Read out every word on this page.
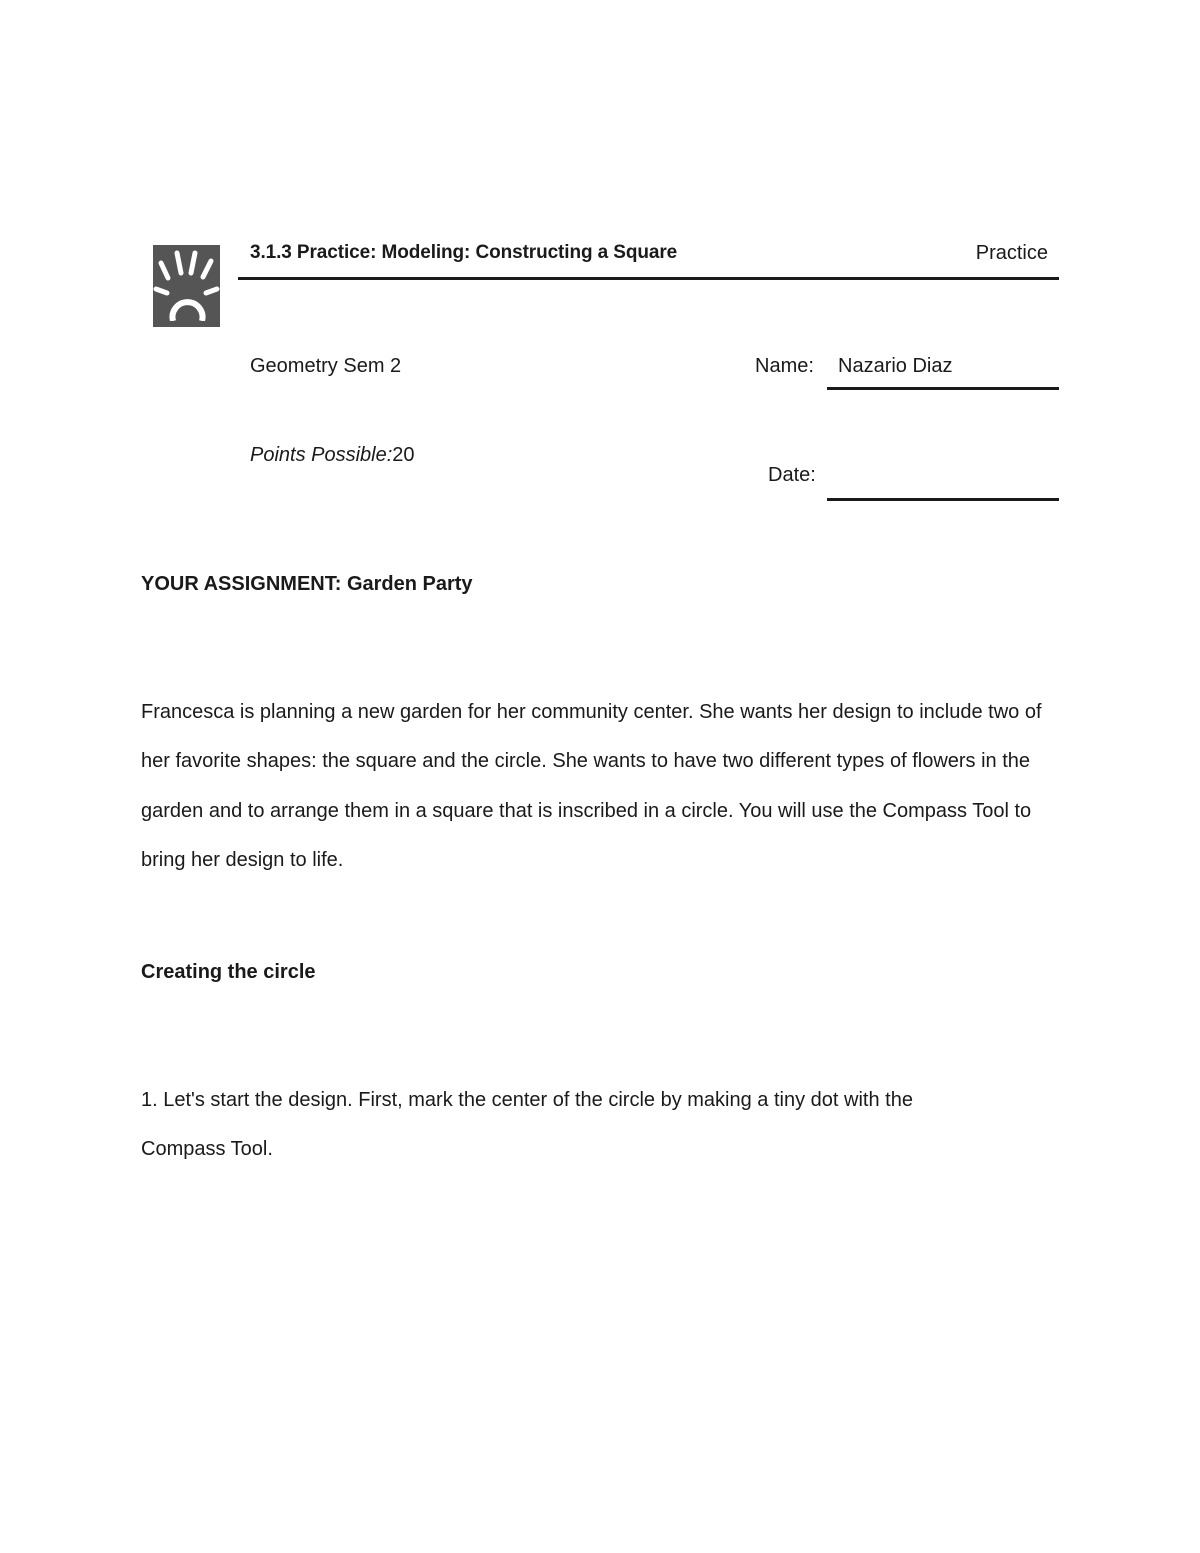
3.1.3 Practice: Modeling: Constructing a Square	Practice
Geometry Sem 2	Name: Nazario Diaz
Points Possible:20
Date:
YOUR ASSIGNMENT: Garden Party

Francesca is planning a new garden for her community center. She wants her design to include two of her favorite shapes: the square and the circle. She wants to have two different types of flowers in the garden and to arrange them in a square that is inscribed in a circle. You will use the Compass Tool to bring her design to life.

Creating the circle

1. Let's start the design. First, mark the center of the circle by making a tiny dot with the Compass Tool.
